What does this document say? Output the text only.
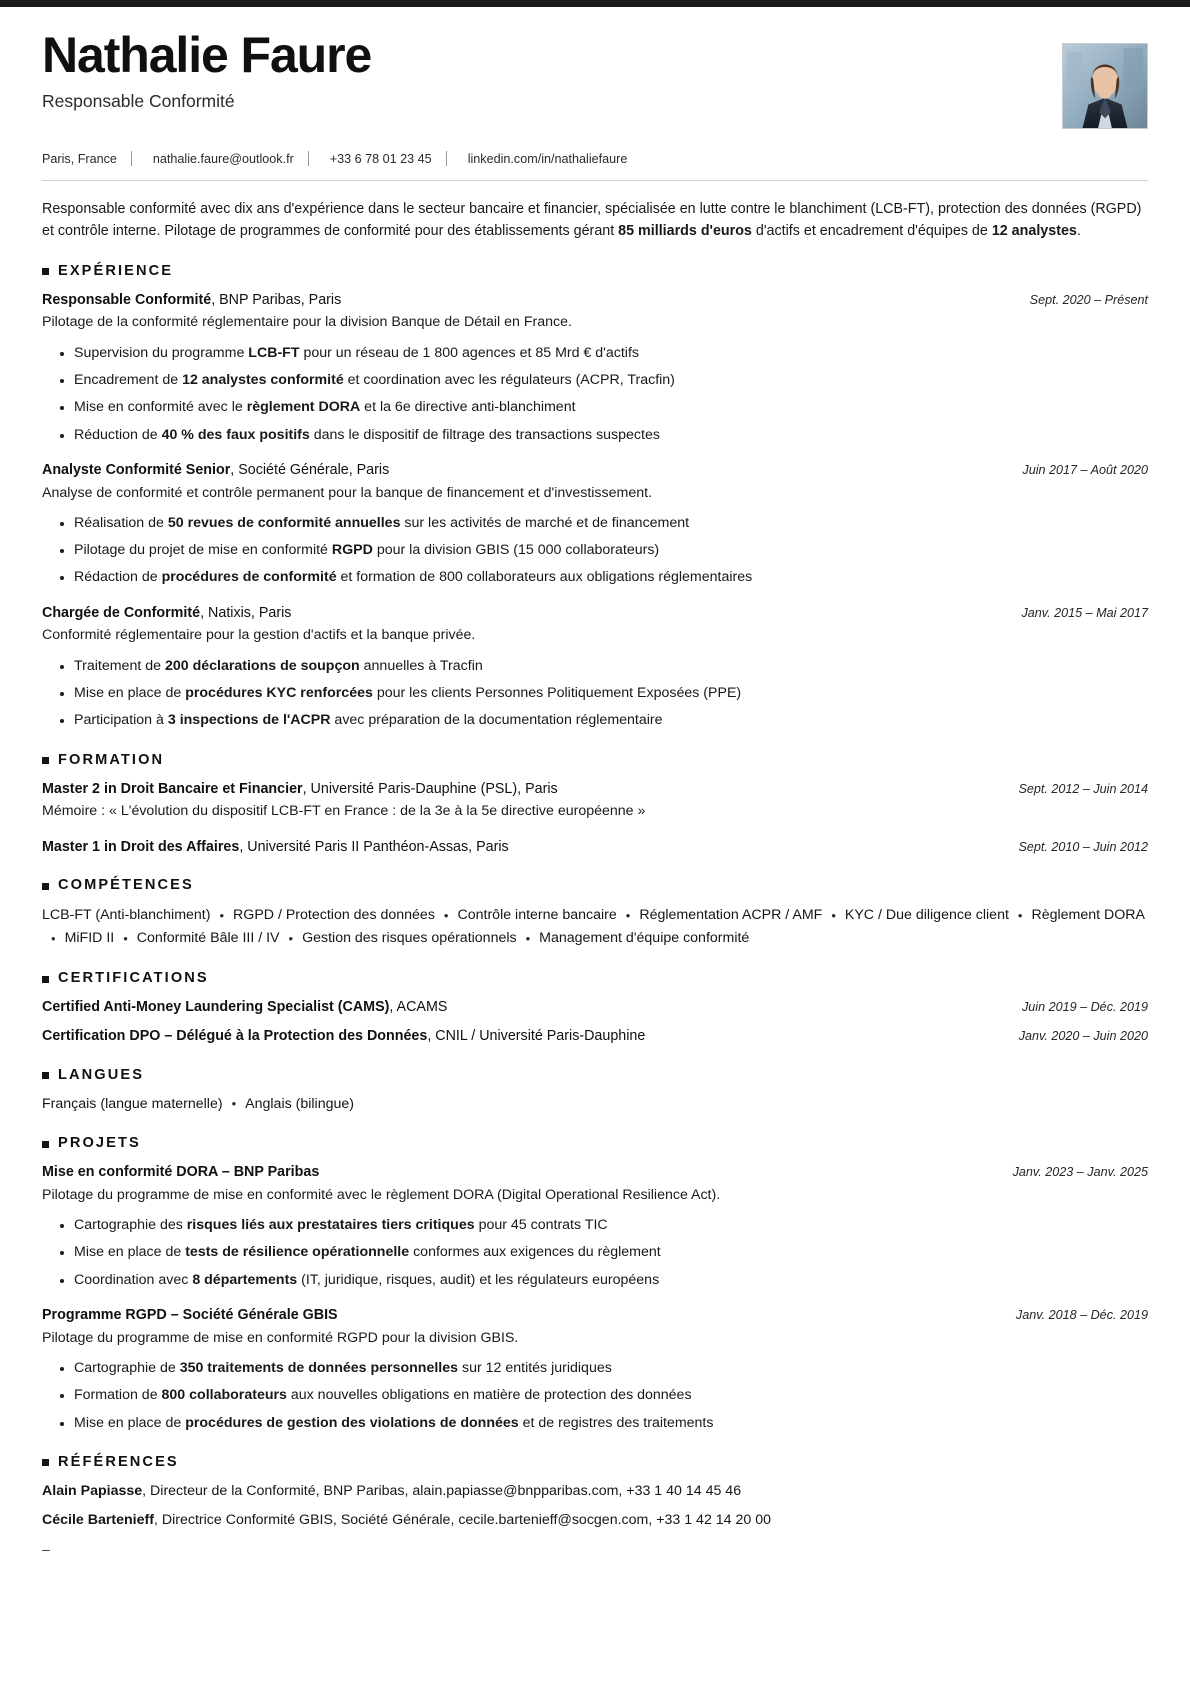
Nathalie Faure
Responsable Conformité
Paris, France	nathalie.faure@outlook.fr	+33 6 78 01 23 45	linkedin.com/in/nathaliefaure
Responsable conformité avec dix ans d'expérience dans le secteur bancaire et financier, spécialisée en lutte contre le blanchiment (LCB-FT), protection des données (RGPD) et contrôle interne. Pilotage de programmes de conformité pour des établissements gérant 85 milliards d'euros d'actifs et encadrement d'équipes de 12 analystes.
EXPÉRIENCE
Responsable Conformité, BNP Paribas, Paris	Sept. 2020 – Présent
Pilotage de la conformité réglementaire pour la division Banque de Détail en France.
Supervision du programme LCB-FT pour un réseau de 1 800 agences et 85 Mrd € d'actifs
Encadrement de 12 analystes conformité et coordination avec les régulateurs (ACPR, Tracfin)
Mise en conformité avec le règlement DORA et la 6e directive anti-blanchiment
Réduction de 40 % des faux positifs dans le dispositif de filtrage des transactions suspectes
Analyste Conformité Senior, Société Générale, Paris	Juin 2017 – Août 2020
Analyse de conformité et contrôle permanent pour la banque de financement et d'investissement.
Réalisation de 50 revues de conformité annuelles sur les activités de marché et de financement
Pilotage du projet de mise en conformité RGPD pour la division GBIS (15 000 collaborateurs)
Rédaction de procédures de conformité et formation de 800 collaborateurs aux obligations réglementaires
Chargée de Conformité, Natixis, Paris	Janv. 2015 – Mai 2017
Conformité réglementaire pour la gestion d'actifs et la banque privée.
Traitement de 200 déclarations de soupçon annuelles à Tracfin
Mise en place de procédures KYC renforcées pour les clients Personnes Politiquement Exposées (PPE)
Participation à 3 inspections de l'ACPR avec préparation de la documentation réglementaire
FORMATION
Master 2 in Droit Bancaire et Financier, Université Paris-Dauphine (PSL), Paris	Sept. 2012 – Juin 2014
Mémoire : « L'évolution du dispositif LCB-FT en France : de la 3e à la 5e directive européenne »
Master 1 in Droit des Affaires, Université Paris II Panthéon-Assas, Paris	Sept. 2010 – Juin 2012
COMPÉTENCES
LCB-FT (Anti-blanchiment) • RGPD / Protection des données • Contrôle interne bancaire • Réglementation ACPR / AMF • KYC / Due diligence client • Règlement DORA• MiFID II • Conformité Bâle III / IV • Gestion des risques opérationnels • Management d'équipe conformité
CERTIFICATIONS
Certified Anti-Money Laundering Specialist (CAMS), ACAMS	Juin 2019 – Déc. 2019
Certification DPO – Délégué à la Protection des Données, CNIL / Université Paris-Dauphine	Janv. 2020 – Juin 2020
LANGUES
Français (langue maternelle) • Anglais (bilingue)
PROJETS
Mise en conformité DORA – BNP Paribas	Janv. 2023 – Janv. 2025
Pilotage du programme de mise en conformité avec le règlement DORA (Digital Operational Resilience Act).
Cartographie des risques liés aux prestataires tiers critiques pour 45 contrats TIC
Mise en place de tests de résilience opérationnelle conformes aux exigences du règlement
Coordination avec 8 départements (IT, juridique, risques, audit) et les régulateurs européens
Programme RGPD – Société Générale GBIS	Janv. 2018 – Déc. 2019
Pilotage du programme de mise en conformité RGPD pour la division GBIS.
Cartographie de 350 traitements de données personnelles sur 12 entités juridiques
Formation de 800 collaborateurs aux nouvelles obligations en matière de protection des données
Mise en place de procédures de gestion des violations de données et de registres des traitements
RÉFÉRENCES
Alain Papiasse, Directeur de la Conformité, BNP Paribas, alain.papiasse@bnpparibas.com, +33 1 40 14 45 46
Cécile Bartenieff, Directrice Conformité GBIS, Société Générale, cecile.bartenieff@socgen.com, +33 1 42 14 20 00
–
